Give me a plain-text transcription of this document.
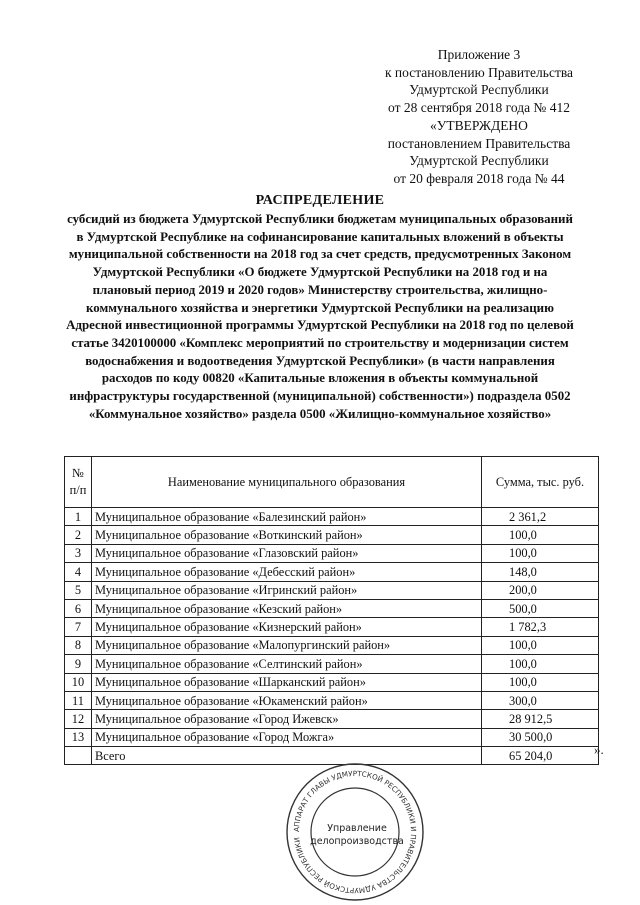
Приложение 3
к постановлению Правительства
Удмуртской Республики
от 28 сентября 2018 года № 412
«УТВЕРЖДЕНО
постановлением Правительства
Удмуртской Республики
от 20 февраля 2018 года № 44
РАСПРЕДЕЛЕНИЕ
субсидий из бюджета Удмуртской Республики бюджетам муниципальных образований
в Удмуртской Республике на софинансирование капитальных вложений в объекты
муниципальной собственности на 2018 год за счет средств, предусмотренных Законом
Удмуртской Республики «О бюджете Удмуртской Республики на 2018 год и на
плановый период 2019 и 2020 годов» Министерству строительства, жилищно-
коммунального хозяйства и энергетики Удмуртской Республики на реализацию
Адресной инвестиционной программы Удмуртской Республики на 2018 год по целевой
статье 3420100000 «Комплекс мероприятий по строительству и модернизации систем
водоснабжения и водоотведения Удмуртской Республики» (в части направления
расходов по коду 00820 «Капитальные вложения в объекты коммунальной
инфраструктуры государственной (муниципальной) собственности») подраздела 0502
«Коммунальное хозяйство» раздела 0500 «Жилищно-коммунальное хозяйство»
№
п/п	Наименование муниципального образования	Сумма, тыс. руб.
1	Муниципальное образование «Балезинский район»	2 361,2
2	Муниципальное образование «Воткинский район»	100,0
3	Муниципальное образование «Глазовский район»	100,0
4	Муниципальное образование «Дебесский район»	148,0
5	Муниципальное образование «Игринский район»	200,0
6	Муниципальное образование «Кезский район»	500,0
7	Муниципальное образование «Кизнерский район»	1 782,3
8	Муниципальное образование «Малопургинский район»	100,0
9	Муниципальное образование «Селтинский район»	100,0
10	Муниципальное образование «Шарканский район»	100,0
11	Муниципальное образование «Юкаменский район»	300,0
12	Муниципальное образование «Город Ижевск»	28 912,5
13	Муниципальное образование «Город Можга»	30 500,0
	Всего	65 204,0	».
АППАРАТ ГЛАВЫ УДМУРТСКОЙ РЕСПУБЛИКИ И ПРАВИТЕЛЬСТВА УДМУРТСКОЙ РЕСПУБЛИКИ
Управление
делопроизводства
